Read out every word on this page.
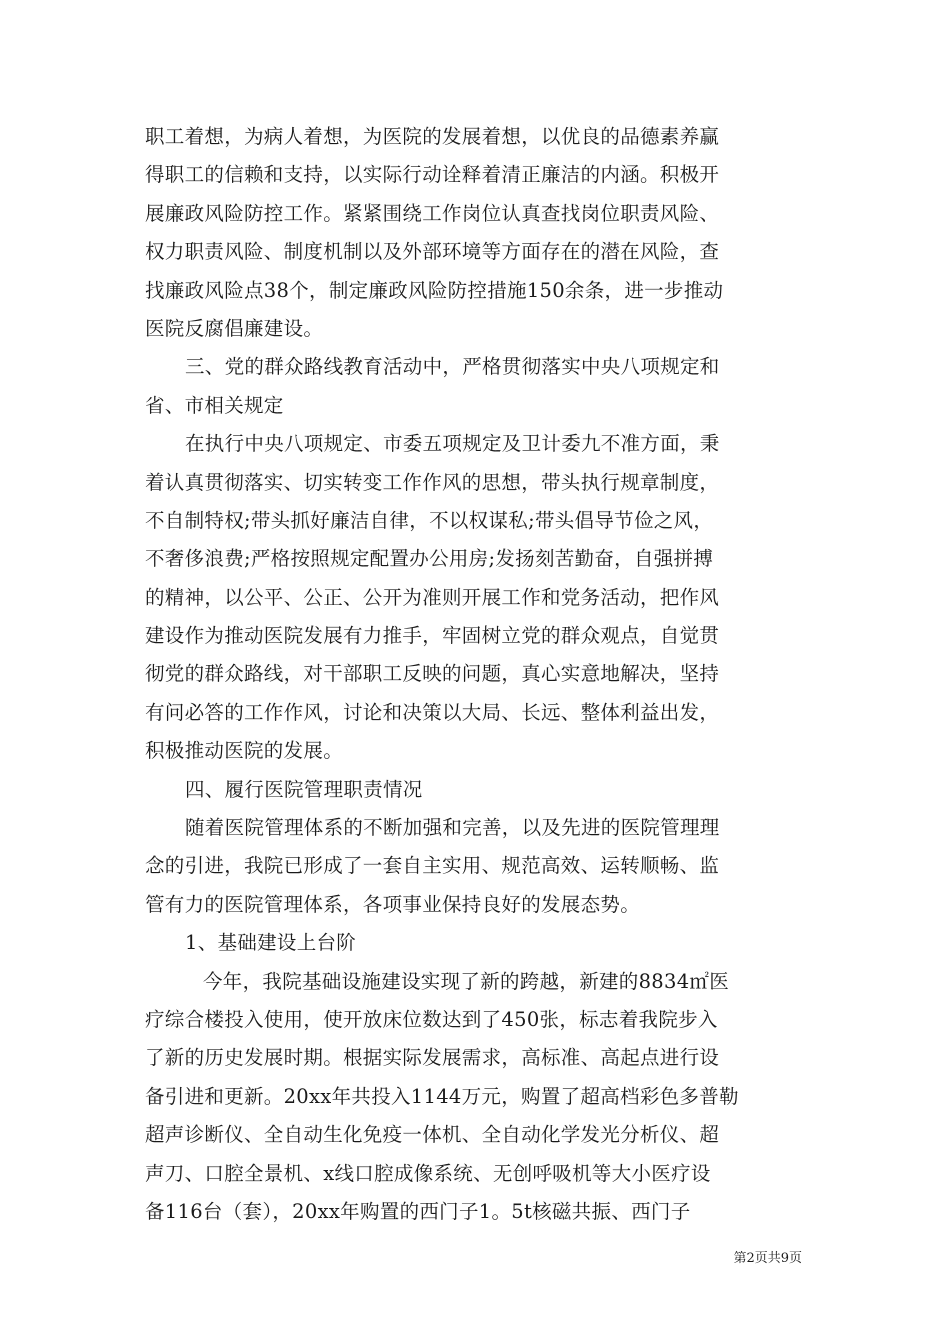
职工着想，为病人着想，为医院的发展着想，以优良的品德素养赢
得职工的信赖和支持，以实际行动诠释着清正廉洁的内涵。积极开
展廉政风险防控工作。紧紧围绕工作岗位认真查找岗位职责风险、
权力职责风险、制度机制以及外部环境等方面存在的潜在风险，查
找廉政风险点38个，制定廉政风险防控措施150余条，进一步推动
医院反腐倡廉建设。
三、党的群众路线教育活动中，严格贯彻落实中央八项规定和
省、市相关规定
在执行中央八项规定、市委五项规定及卫计委九不准方面，秉
着认真贯彻落实、切实转变工作作风的思想，带头执行规章制度，
不自制特权;带头抓好廉洁自律，不以权谋私;带头倡导节俭之风，
不奢侈浪费;严格按照规定配置办公用房;发扬刻苦勤奋，自强拼搏
的精神，以公平、公正、公开为准则开展工作和党务活动，把作风
建设作为推动医院发展有力推手，牢固树立党的群众观点，自觉贯
彻党的群众路线，对干部职工反映的问题，真心实意地解决，坚持
有问必答的工作作风，讨论和决策以大局、长远、整体利益出发，
积极推动医院的发展。
四、履行医院管理职责情况
随着医院管理体系的不断加强和完善，以及先进的医院管理理
念的引进，我院已形成了一套自主实用、规范高效、运转顺畅、监
管有力的医院管理体系，各项事业保持良好的发展态势。
1、基础建设上台阶
今年，我院基础设施建设实现了新的跨越，新建的8834㎡医
疗综合楼投入使用，使开放床位数达到了450张，标志着我院步入
了新的历史发展时期。根据实际发展需求，高标准、高起点进行设
备引进和更新。20xx年共投入1144万元，购置了超高档彩色多普勒
超声诊断仪、全自动生化免疫一体机、全自动化学发光分析仪、超
声刀、口腔全景机、x线口腔成像系统、无创呼吸机等大小医疗设
备116台（套），20xx年购置的西门子1。5t核磁共振、西门子
第2页共9页
